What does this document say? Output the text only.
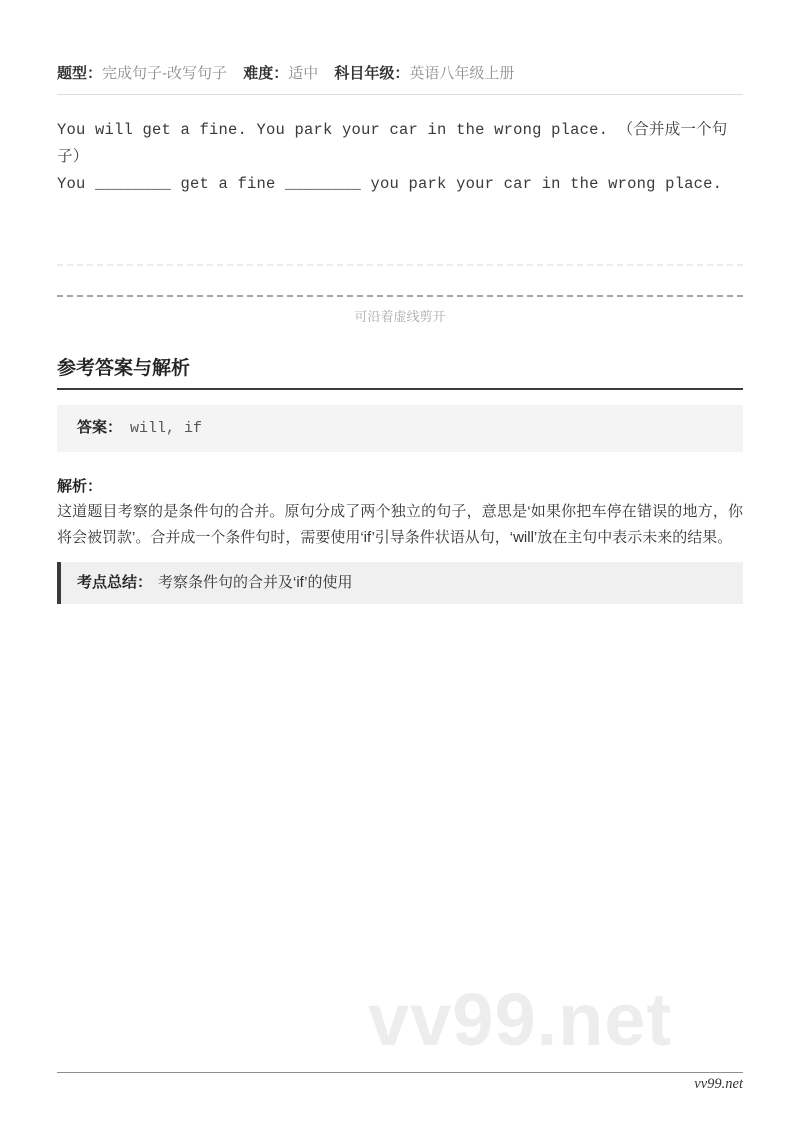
题型：完成句子-改写句子 难度：适中 科目年级：英语八年级上册

You will get a fine. You park your car in the wrong place. （合并成一个句子）

You ________ get a fine ________ you park your car in the wrong place.

可沿着虚线剪开
参考答案与解析
答案： will, if
解析：

这道题目考察的是条件句的合并。原句分成了两个独立的句子，意思是‘如果你把车停在错误的地方，你将会被罚款’。合并成一个条件句时，需要使用‘if’引导条件状语从句，‘will’放在主句中表示未来的结果。

考点总结： 考察条件句的合并及‘if’的使用
vv99.net
vv99.net
